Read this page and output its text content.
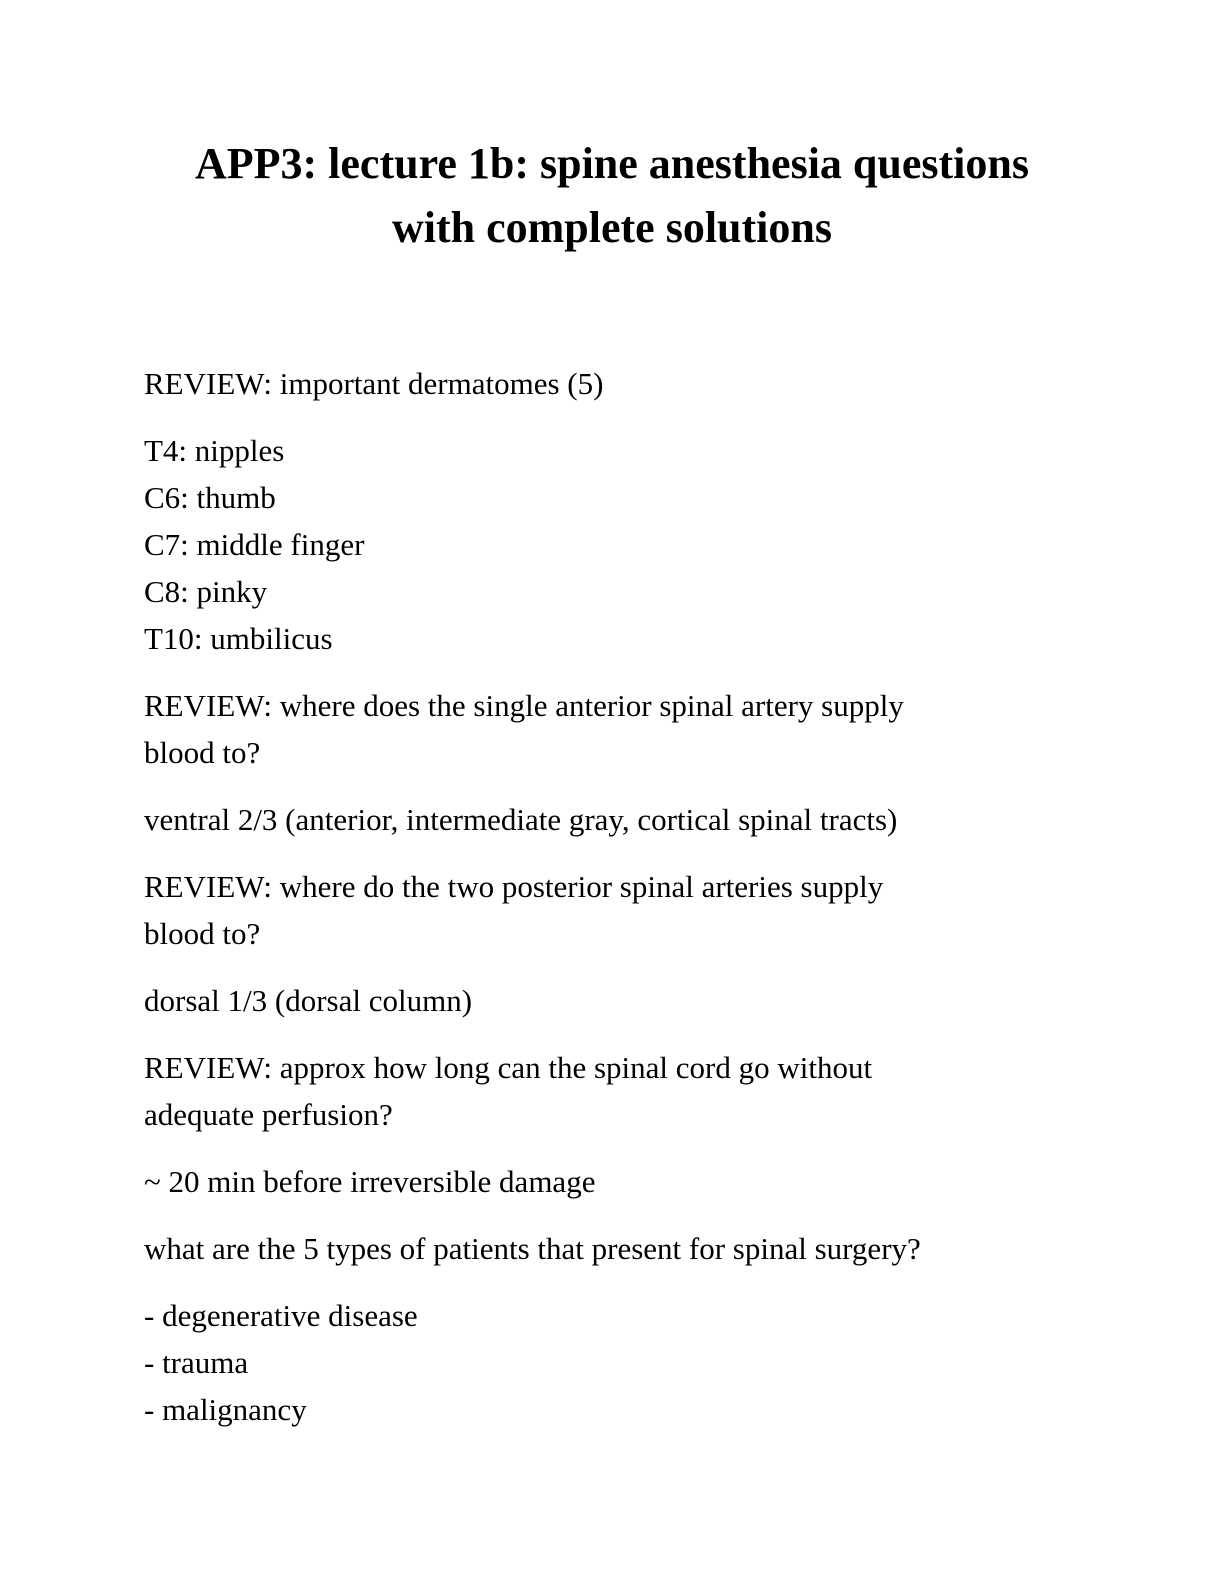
APP3: lecture 1b: spine anesthesia questions
with complete solutions
REVIEW: important dermatomes (5)
T4: nipples
C6: thumb
C7: middle finger
C8: pinky
T10: umbilicus
REVIEW: where does the single anterior spinal artery supply
blood to?
ventral 2/3 (anterior, intermediate gray, cortical spinal tracts)
REVIEW: where do the two posterior spinal arteries supply
blood to?
dorsal 1/3 (dorsal column)
REVIEW: approx how long can the spinal cord go without
adequate perfusion?
~ 20 min before irreversible damage
what are the 5 types of patients that present for spinal surgery?
- degenerative disease
- trauma
- malignancy
